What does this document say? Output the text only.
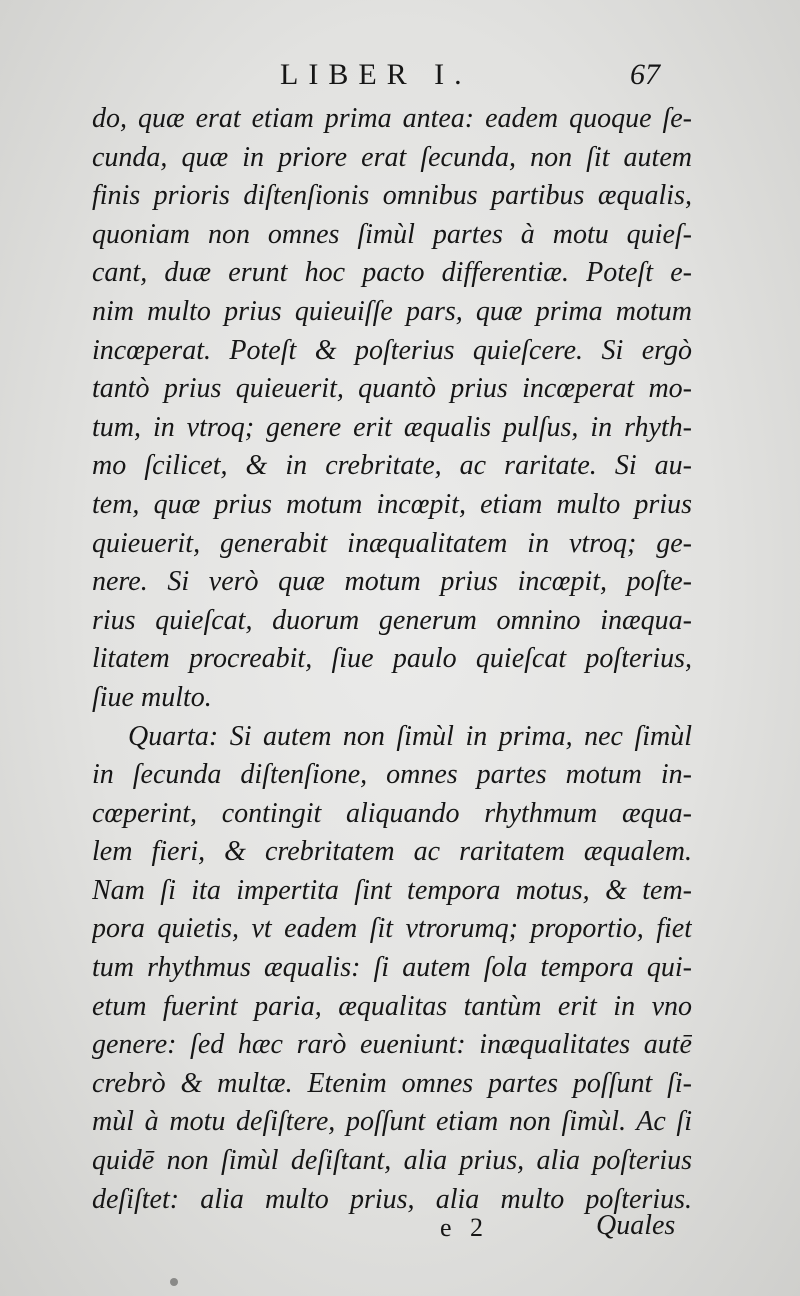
LIBER I.	67
do, quæ erat etiam prima antea: eadem quoque ſe-
cunda, quæ in priore erat ſecunda, non ſit autem
finis prioris diſtenſionis omnibus partibus æqualis,
quoniam non omnes ſimùl partes à motu quieſ-
cant, duæ erunt hoc pacto differentiæ. Poteſt e-
nim multo prius quieuiſſe pars, quæ prima motum
incœperat. Poteſt & poſterius quieſcere. Si ergò
tantò prius quieuerit, quantò prius incœperat mo-
tum, in vtroq; genere erit æqualis pulſus, in rhyth-
mo ſcilicet, & in crebritate, ac raritate. Si au-
tem, quæ prius motum incœpit, etiam multo prius
quieuerit, generabit inæqualitatem in vtroq; ge-
nere. Si verò quæ motum prius incœpit, poſte-
rius quieſcat, duorum generum omnino inæqua-
litatem procreabit, ſiue paulo quieſcat poſterius,
ſiue multo.
Quarta: Si autem non ſimùl in prima, nec ſimùl
in ſecunda diſtenſione, omnes partes motum in-
cœperint, contingit aliquando rhythmum æqua-
lem fieri, & crebritatem ac raritatem æqualem.
Nam ſi ita impertita ſint tempora motus, & tem-
pora quietis, vt eadem ſit vtrorumq; proportio, fiet
tum rhythmus æqualis: ſi autem ſola tempora qui-
etum fuerint paria, æqualitas tantùm erit in vno
genere: ſed hæc rarò eueniunt: inæqualitates autē
crebrò & multæ. Etenim omnes partes poſſunt ſi-
mùl à motu deſiſtere, poſſunt etiam non ſimùl. Ac ſi
quidē non ſimùl deſiſtant, alia prius, alia poſterius
deſiſtet: alia multo prius, alia multo poſterius.
e 2	Quales
